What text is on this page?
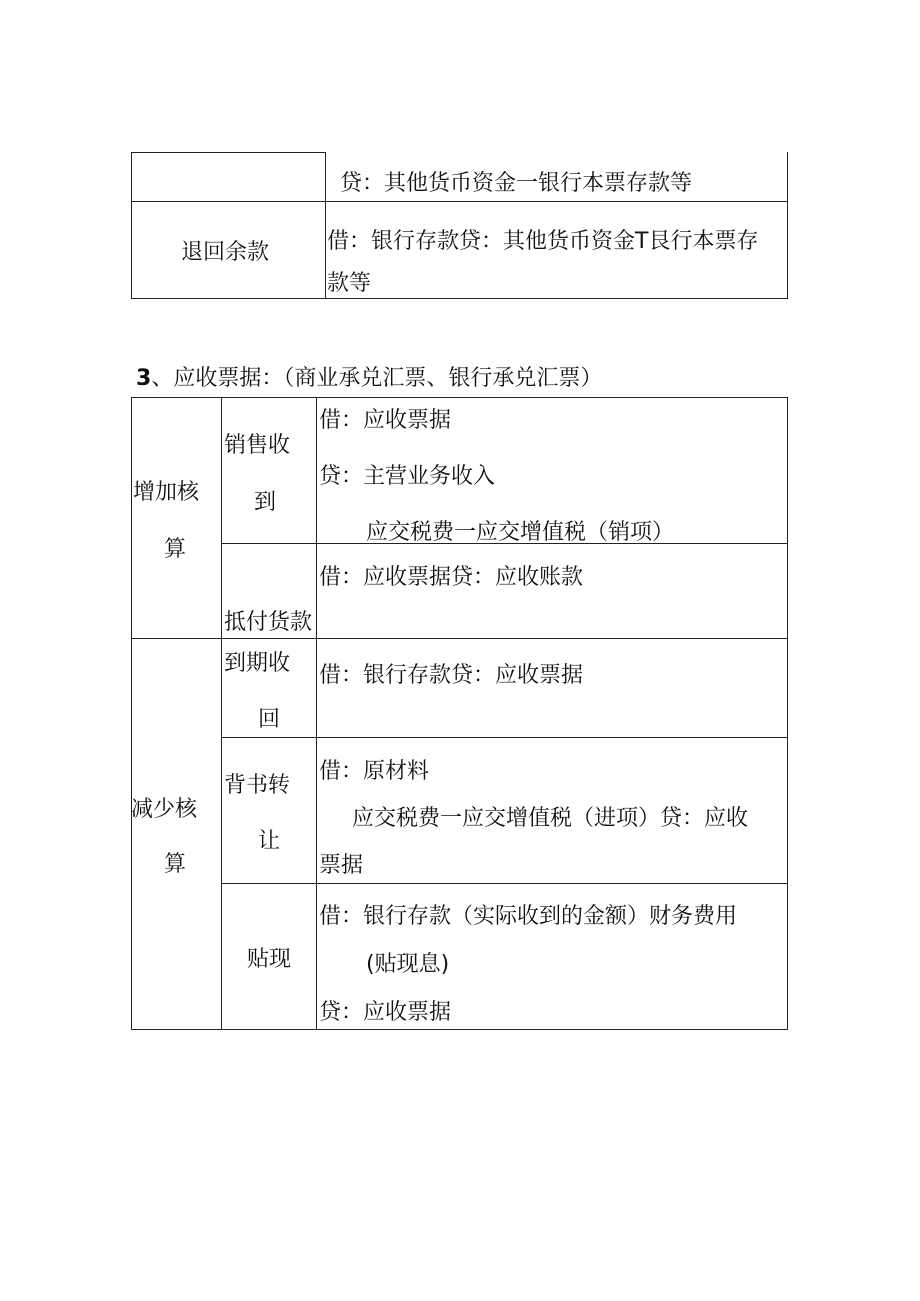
贷：其他货币资金一银行本票存款等
退回余款	借：银行存款贷：其他货币资金T艮行本票存
款等
3、应收票据：（商业承兑汇票、银行承兑汇票）
增加核
算
销售收
到
借：应收票据
贷：主营业务收入
应交税费一应交增值税（销项）
抵付货款
借：应收票据贷：应收账款
减少核
算
到期收
回
借：银行存款贷：应收票据
背书转
让
借：原材料
应交税费一应交增值税（进项）贷：应收
票据
贴现
借：银行存款（实际收到的金额）财务费用
(贴现息)
贷：应收票据
